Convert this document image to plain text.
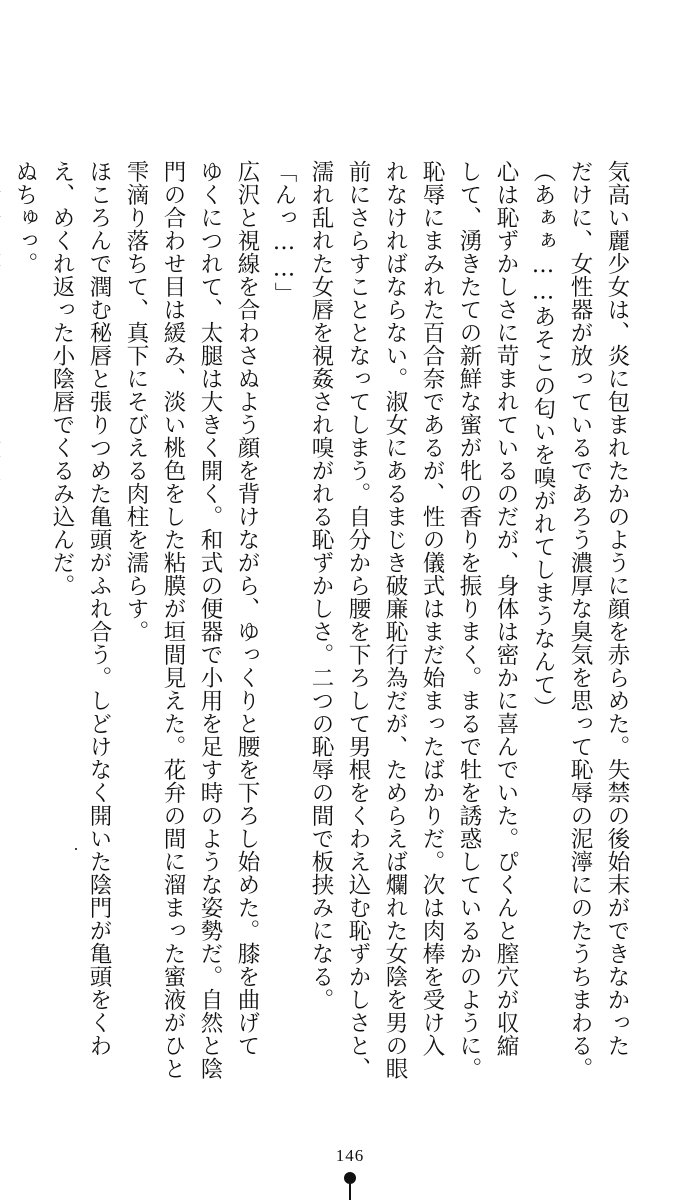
気高い麗少女は、炎に包まれたかのように顔を赤らめた。失禁の後始末ができなかった
だけに、女性器が放っているであろう濃厚な臭気を思って恥辱の泥濘にのたうちまわる。
（あぁぁ……あそこの匂いを嗅がれてしまうなんて）
心は恥ずかしさに苛まれているのだが、身体は密かに喜んでいた。ぴくんと膣穴が収縮
して、湧きたての新鮮な蜜が牝の香りを振りまく。まるで牡を誘惑しているかのように。
恥辱にまみれた百合奈であるが、性の儀式はまだ始まったばかりだ。次は肉棒を受け入
れなければならない。淑女にあるまじき破廉恥行為だが、ためらえば爛れた女陰を男の眼
前にさらすこととなってしまう。自分から腰を下ろして男根をくわえ込む恥ずかしさと、
濡れ乱れた女唇を視姦され嗅がれる恥ずかしさ。二つの恥辱の間で板挟みになる。
「んっ……」
広沢と視線を合わさぬよう顔を背けながら、ゆっくりと腰を下ろし始めた。膝を曲げて
ゆくにつれて、太腿は大きく開く。和式の便器で小用を足す時のような姿勢だ。自然と陰
門の合わせ目は緩み、淡い桃色をした粘膜が垣間見えた。花弁の間に溜まった蜜液がひと
雫滴り落ちて、真下にそびえる肉柱を濡らす。
ほころんで潤む秘唇と張りつめた亀頭がふれ合う。しどけなく開いた陰門が亀頭をくわ
え、めくれ返った小陰唇でくるみ込んだ。
ぬちゅっ。
146
